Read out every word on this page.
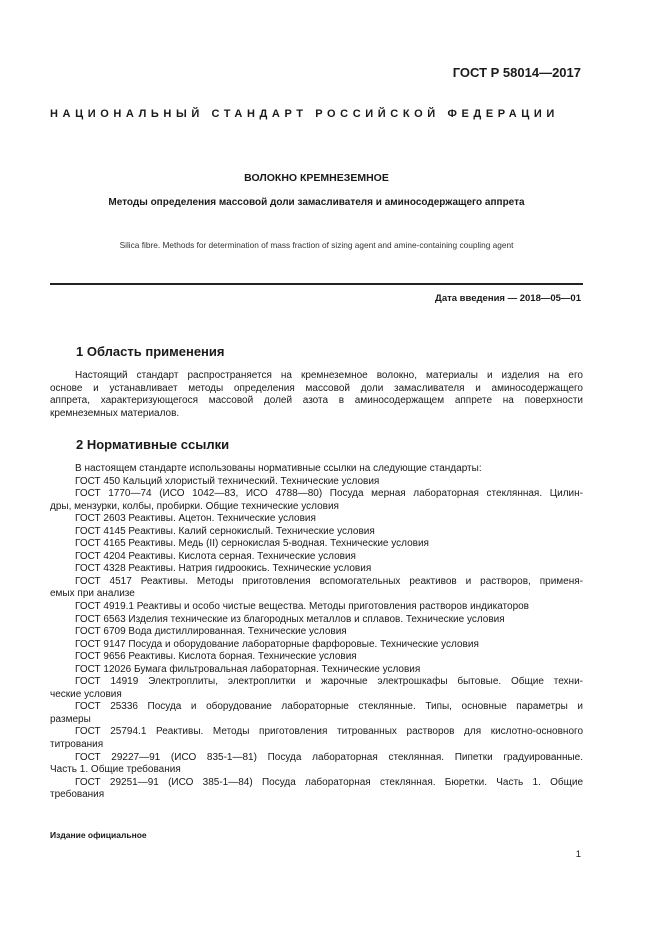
ГОСТ Р 58014—2017
НАЦИОНАЛЬНЫЙ СТАНДАРТ РОССИЙСКОЙ ФЕДЕРАЦИИ
ВОЛОКНО КРЕМНЕЗЕМНОЕ
Методы определения массовой доли замасливателя и аминосодержащего аппрета
Silica fibre. Methods for determination of mass fraction of sizing agent and amine-containing coupling agent
Дата введения — 2018—05—01
1 Область применения
Настоящий стандарт распространяется на кремнеземное волокно, материалы и изделия на его
основе и устанавливает методы определения массовой доли замасливателя и аминосодержащего
аппрета, характеризующегося массовой долей азота в аминосодержащем аппрете на поверхности
кремнеземных материалов.
2 Нормативные ссылки
В настоящем стандарте использованы нормативные ссылки на следующие стандарты:
ГОСТ 450 Кальций хлористый технический. Технические условия
ГОСТ 1770—74 (ИСО 1042—83, ИСО 4788—80) Посуда мерная лабораторная стеклянная. Цилин-
дры, мензурки, колбы, пробирки. Общие технические условия
ГОСТ 2603 Реактивы. Ацетон. Технические условия
ГОСТ 4145 Реактивы. Калий сернокислый. Технические условия
ГОСТ 4165 Реактивы. Медь (II) сернокислая 5-водная. Технические условия
ГОСТ 4204 Реактивы. Кислота серная. Технические условия
ГОСТ 4328 Реактивы. Натрия гидроокись. Технические условия
ГОСТ 4517 Реактивы. Методы приготовления вспомогательных реактивов и растворов, применя-
емых при анализе
ГОСТ 4919.1 Реактивы и особо чистые вещества. Методы приготовления растворов индикаторов
ГОСТ 6563 Изделия технические из благородных металлов и сплавов. Технические условия
ГОСТ 6709 Вода дистиллированная. Технические условия
ГОСТ 9147 Посуда и оборудование лабораторные фарфоровые. Технические условия
ГОСТ 9656 Реактивы. Кислота борная. Технические условия
ГОСТ 12026 Бумага фильтровальная лабораторная. Технические условия
ГОСТ 14919 Электроплиты, электроплитки и жарочные электрошкафы бытовые. Общие техни-
ческие условия
ГОСТ 25336 Посуда и оборудование лабораторные стеклянные. Типы, основные параметры и
размеры
ГОСТ 25794.1 Реактивы. Методы приготовления титрованных растворов для кислотно-основного
титрования
ГОСТ 29227—91 (ИСО 835-1—81) Посуда лабораторная стеклянная. Пипетки градуированные.
Часть 1. Общие требования
ГОСТ 29251—91 (ИСО 385-1—84) Посуда лабораторная стеклянная. Бюретки. Часть 1. Общие
требования
Издание официальное
1
